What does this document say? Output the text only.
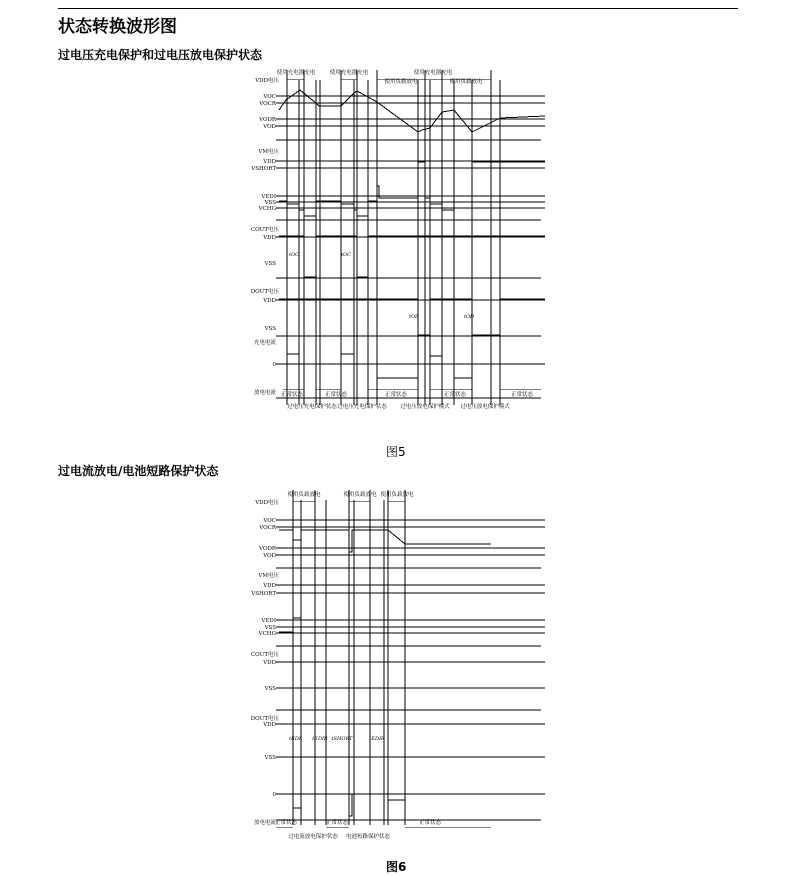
状态转换波形图
过电压充电保护和过电压放电保护状态
VDD电压
VOC
VOCR
VODR
VOD
VM电压
VDD
VSHORT
VEDI
VSS
VCHG
COUT电压
VDD
VSS
DOUT电压
VDD
VSS
充电电流
0
放电电流
使用充电器充电	使用充电器充电
使用负载放电
使用充电器充电
使用负载放电
tOC	tOC
tOD	tOD
正常状态	正常状态	正常状态	正常状态	正常状态
过电压充电保护状态 过电压充电保护状态 过电压放电保护模式 过电压放电保护模式
图5
过电流放电/电池短路保护状态
VDD电压
VOC
VOCR
VODR
VOD
VM电压
VDD
VSHORT
VEDI
VSS
VCHG
COUT电压
VDD
VSS
DOUT电压
VDD
VSS
0
放电电流
使用负载放电	使用负载放电 使用负载放电
tEDI tEDIR tSHORT	tEDIR
正常状态	正常状态	正常状态
过电流放电保护状态 电池短路保护状态
图6
